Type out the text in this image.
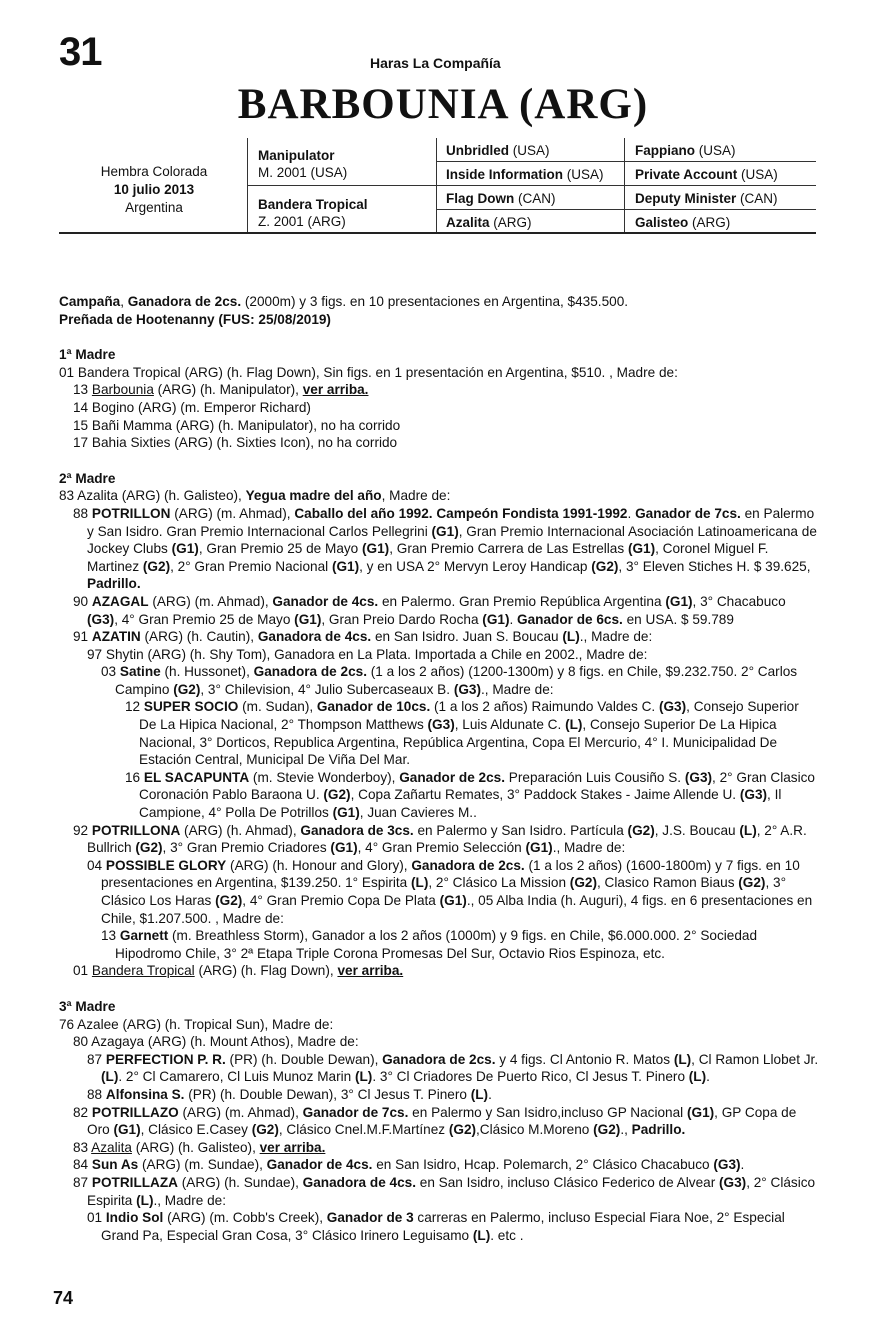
31	Haras La Compañía
BARBOUNIA (ARG)
Hembra Colorada
10 julio 2013
Argentina
Manipulator
M. 2001 (USA)
Bandera Tropical
Z. 2001 (ARG)
Unbridled (USA)
Inside Information (USA)
Flag Down (CAN)
Azalita (ARG)
Fappiano (USA)
Private Account (USA)
Deputy Minister (CAN)
Galisteo (ARG)

Campaña, Ganadora de 2cs. (2000m) y 3 figs. en 10 presentaciones en Argentina, $435.500.

Preñada de Hootenanny (FUS: 25/08/2019)

1ª Madre

01 Bandera Tropical (ARG) (h. Flag Down), Sin figs. en 1 presentación en Argentina, $510. , Madre de:

13 Barbounia (ARG) (h. Manipulator), ver arriba.

14 Bogino (ARG) (m. Emperor Richard)

15 Bañi Mamma (ARG) (h. Manipulator), no ha corrido

17 Bahia Sixties (ARG) (h. Sixties Icon), no ha corrido

2ª Madre

83 Azalita (ARG) (h. Galisteo), Yegua madre del año, Madre de:

88 POTRILLON (ARG) (m. Ahmad), Caballo del año 1992. Campeón Fondista 1991-1992. Ganador de 7cs. en Palermo y San Isidro. Gran Premio Internacional Carlos Pellegrini (G1), Gran Premio Internacional Asociación Latinoamericana de Jockey Clubs (G1), Gran Premio 25 de Mayo (G1), Gran Premio Carrera de Las Estrellas (G1), Coronel Miguel F. Martinez (G2), 2° Gran Premio Nacional (G1), y en USA 2° Mervyn Leroy Handicap (G2), 3° Eleven Stiches H. $ 39.625, Padrillo.

90 AZAGAL (ARG) (m. Ahmad), Ganador de 4cs. en Palermo. Gran Premio República Argentina (G1), 3° Chacabuco (G3), 4° Gran Premio 25 de Mayo (G1), Gran Preio Dardo Rocha (G1). Ganador de 6cs. en USA. $ 59.789

91 AZATIN (ARG) (h. Cautin), Ganadora de 4cs. en San Isidro. Juan S. Boucau (L)., Madre de:

97 Shytin (ARG) (h. Shy Tom), Ganadora en La Plata. Importada a Chile en 2002., Madre de:

03 Satine (h. Hussonet), Ganadora de 2cs. (1 a los 2 años) (1200-1300m) y 8 figs. en Chile, $9.232.750. 2° Carlos Campino (G2), 3° Chilevision, 4° Julio Subercaseaux B. (G3)., Madre de:

12 SUPER SOCIO (m. Sudan), Ganador de 10cs. (1 a los 2 años) Raimundo Valdes C. (G3), Consejo Superior De La Hipica Nacional, 2° Thompson Matthews (G3), Luis Aldunate C. (L), Consejo Superior De La Hipica Nacional, 3° Dorticos, Republica Argentina, República Argentina, Copa El Mercurio, 4° I. Municipalidad De Estación Central, Municipal De Viña Del Mar.

16 EL SACAPUNTA (m. Stevie Wonderboy), Ganador de 2cs. Preparación Luis Cousiño S. (G3), 2° Gran Clasico Coronación Pablo Baraona U. (G2), Copa Zañartu Remates, 3° Paddock Stakes - Jaime Allende U. (G3), Il Campione, 4° Polla De Potrillos (G1), Juan Cavieres M..

92 POTRILLONA (ARG) (h. Ahmad), Ganadora de 3cs. en Palermo y San Isidro. Partícula (G2), J.S. Boucau (L), 2° A.R. Bullrich (G2), 3° Gran Premio Criadores (G1), 4° Gran Premio Selección (G1)., Madre de:

04 POSSIBLE GLORY (ARG) (h. Honour and Glory), Ganadora de 2cs. (1 a los 2 años) (1600-1800m) y 7 figs. en 10 presentaciones en Argentina, $139.250. 1° Espirita (L), 2° Clásico La Mission (G2), Clasico Ramon Biaus (G2), 3° Clásico Los Haras (G2), 4° Gran Premio Copa De Plata (G1)., 05 Alba India (h. Auguri), 4 figs. en 6 presentaciones en Chile, $1.207.500. , Madre de:

13 Garnett (m. Breathless Storm), Ganador a los 2 años (1000m) y 9 figs. en Chile, $6.000.000. 2° Sociedad Hipodromo Chile, 3° 2ª Etapa Triple Corona Promesas Del Sur, Octavio Rios Espinoza, etc.

01 Bandera Tropical (ARG) (h. Flag Down), ver arriba.

3ª Madre

76 Azalee (ARG) (h. Tropical Sun), Madre de:

80 Azagaya (ARG) (h. Mount Athos), Madre de:

87 PERFECTION P. R. (PR) (h. Double Dewan), Ganadora de 2cs. y 4 figs. Cl Antonio R. Matos (L), Cl Ramon Llobet Jr. (L). 2° Cl Camarero, Cl Luis Munoz Marin (L). 3° Cl Criadores De Puerto Rico, Cl Jesus T. Pinero (L).

88 Alfonsina S. (PR) (h. Double Dewan), 3° Cl Jesus T. Pinero (L).

82 POTRILLAZO (ARG) (m. Ahmad), Ganador de 7cs. en Palermo y San Isidro,incluso GP Nacional (G1), GP Copa de Oro (G1), Clásico E.Casey (G2), Clásico Cnel.M.F.Martínez (G2),Clásico M.Moreno (G2)., Padrillo.

83 Azalita (ARG) (h. Galisteo), ver arriba.

84 Sun As (ARG) (m. Sundae), Ganador de 4cs. en San Isidro, Hcap. Polemarch, 2° Clásico Chacabuco (G3).

87 POTRILLAZA (ARG) (h. Sundae), Ganadora de 4cs. en San Isidro, incluso Clásico Federico de Alvear (G3), 2° Clásico Espirita (L)., Madre de:

01 Indio Sol (ARG) (m. Cobb's Creek), Ganador de 3 carreras en Palermo, incluso Especial Fiara Noe, 2° Especial Grand Pa, Especial Gran Cosa, 3° Clásico Irinero Leguisamo (L). etc .

74
